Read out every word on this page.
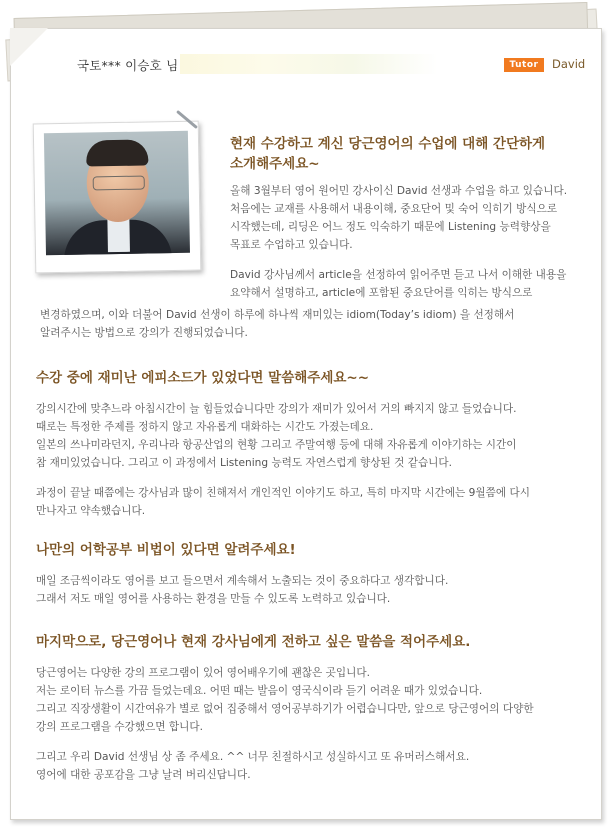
국토*** 이승호 님	Tutor	David
현재 수강하고 계신 당근영어의 수업에 대해 간단하게
소개해주세요~
올해 3월부터 영어 원어민 강사이신 David 선생과 수업을 하고 있습니다.
처음에는 교재를 사용해서 내용이해, 중요단어 및 숙어 익히기 방식으로
시작했는데, 리딩은 어느 정도 익숙하기 때문에 Listening 능력향상을
목표로 수업하고 있습니다.
David 강사님께서 article을 선정하여 읽어주면 듣고 나서 이해한 내용을
요약해서 설명하고, article에 포함된 중요단어를 익히는 방식으로
변경하였으며, 이와 더불어 David 선생이 하루에 하나씩 재미있는 idiom(Today’s idiom) 을 선정해서
알려주시는 방법으로 강의가 진행되었습니다.
수강 중에 재미난 에피소드가 있었다면 말씀해주세요~~
강의시간에 맞추느라 아침시간이 늘 힘들었습니다만 강의가 재미가 있어서 거의 빠지지 않고 들었습니다.
때로는 특정한 주제를 정하지 않고 자유롭게 대화하는 시간도 가졌는데요.
일본의 쓰나미라던지, 우리나라 항공산업의 현황 그리고 주말여행 등에 대해 자유롭게 이야기하는 시간이
참 재미있었습니다. 그리고 이 과정에서 Listening 능력도 자연스럽게 향상된 것 같습니다.
과정이 끝날 때쯤에는 강사님과 많이 친해져서 개인적인 이야기도 하고, 특히 마지막 시간에는 9월쯤에 다시
만나자고 약속했습니다.
나만의 어학공부 비법이 있다면 알려주세요!
매일 조금씩이라도 영어를 보고 들으면서 계속해서 노출되는 것이 중요하다고 생각합니다.
그래서 저도 매일 영어를 사용하는 환경을 만들 수 있도록 노력하고 있습니다.
마지막으로, 당근영어나 현재 강사님에게 전하고 싶은 말씀을 적어주세요.
당근영어는 다양한 강의 프로그램이 있어 영어배우기에 괜찮은 곳입니다.
저는 로이터 뉴스를 가끔 들었는데요. 어떤 때는 발음이 영국식이라 듣기 어려운 때가 있었습니다.
그리고 직장생활이 시간여유가 별로 없어 집중해서 영어공부하기가 어렵습니다만, 앞으로 당근영어의 다양한
강의 프로그램을 수강했으면 합니다.
그리고 우리 David 선생님 상 좀 주세요. ^^ 너무 친절하시고 성실하시고 또 유머러스해서요.
영어에 대한 공포감을 그냥 날려 버리신답니다.
